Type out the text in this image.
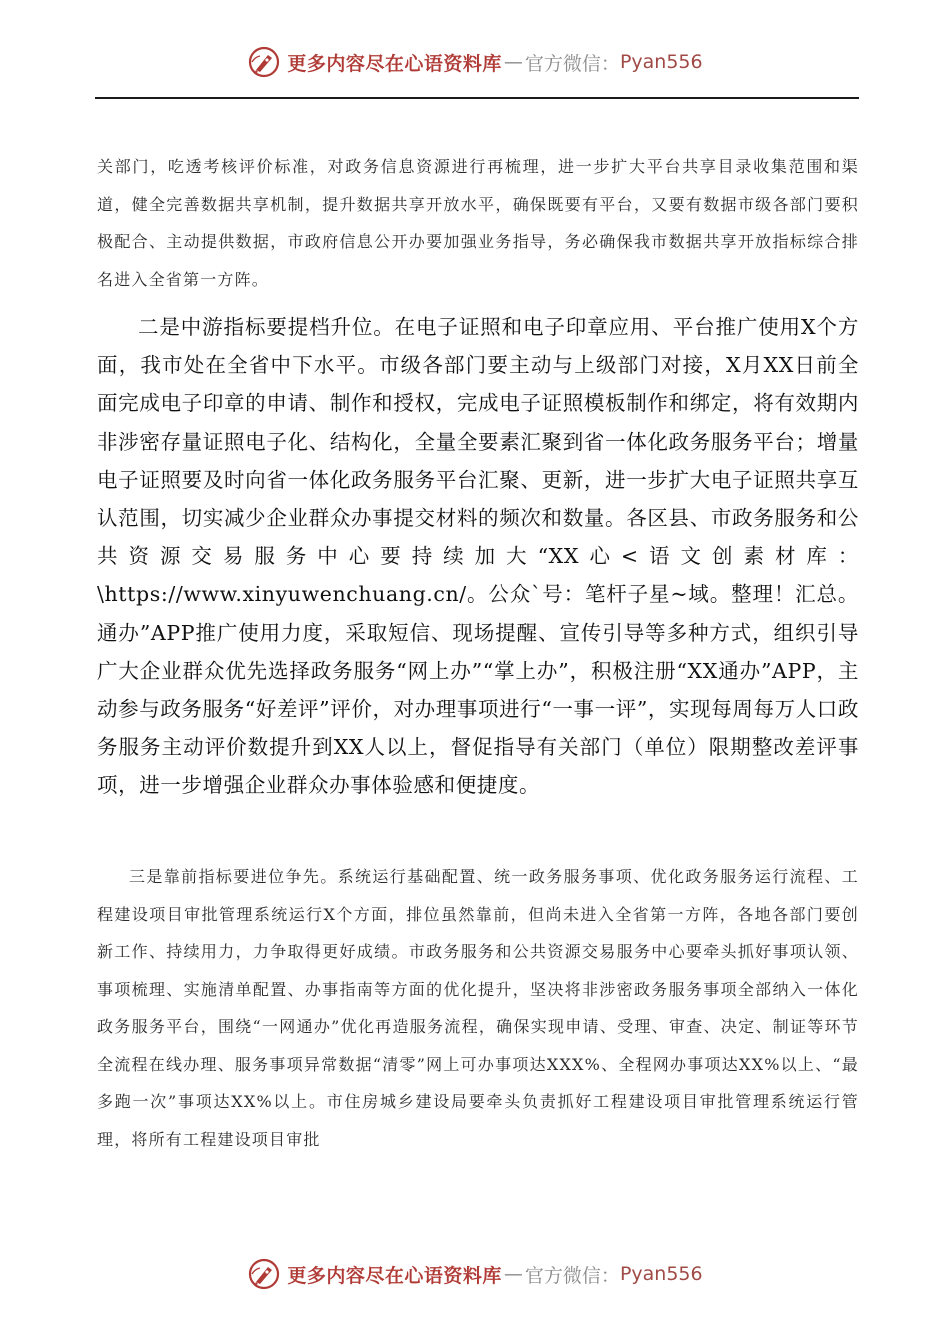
更多内容尽在心语资料库 — 官方微信： Pyan556

关部门，吃透考核评价标准，对政务信息资源进行再梳理，进一步扩大平台共享目录收集范围和渠道，健全完善数据共享机制，提升数据共享开放水平，确保既要有平台，又要有数据市级各部门要积极配合、主动提供数据，市政府信息公开办要加强业务指导，务必确保我市数据共享开放指标综合排名进入全省第一方阵。

二是中游指标要提档升位。在电子证照和电子印章应用、平台推广使用X个方面，我市处在全省中下水平。市级各部门要主动与上级部门对接，X月XX日前全面完成电子印章的申请、制作和授权，完成电子证照模板制作和绑定，将有效期内非涉密存量证照电子化、结构化，全量全要素汇聚到省一体化政务服务平台；增量电子证照要及时向省一体化政务服务平台汇聚、更新，进一步扩大电子证照共享互认范围，切实减少企业群众办事提交材料的频次和数量。各区县、市政务服务和公共资源交易服务中心要持续加大“XX心<语文创素材库：\https://www.xinyuwenchuang.cn/。公众`号：笔杆子星~域。整理！汇总。通办”APP推广使用力度，采取短信、现场提醒、宣传引导等多种方式，组织引导广大企业群众优先选择政务服务“网上办”“掌上办”，积极注册“XX通办”APP，主动参与政务服务“好差评”评价，对办理事项进行“一事一评”，实现每周每万人口政务服务主动评价数提升到XX人以上，督促指导有关部门（单位）限期整改差评事项，进一步增强企业群众办事体验感和便捷度。

三是靠前指标要进位争先。系统运行基础配置、统一政务服务事项、优化政务服务运行流程、工程建设项目审批管理系统运行X个方面，排位虽然靠前，但尚未进入全省第一方阵，各地各部门要创新工作、持续用力，力争取得更好成绩。市政务服务和公共资源交易服务中心要牵头抓好事项认领、事项梳理、实施清单配置、办事指南等方面的优化提升，坚决将非涉密政务服务事项全部纳入一体化政务服务平台，围绕“一网通办”优化再造服务流程，确保实现申请、受理、审查、决定、制证等环节全流程在线办理、服务事项异常数据“清零”网上可办事项达XXX%、全程网办事项达XX%以上、“最多跑一次”事项达XX%以上。市住房城乡建设局要牵头负责抓好工程建设项目审批管理系统运行管理，将所有工程建设项目审批

更多内容尽在心语资料库 — 官方微信： Pyan556
